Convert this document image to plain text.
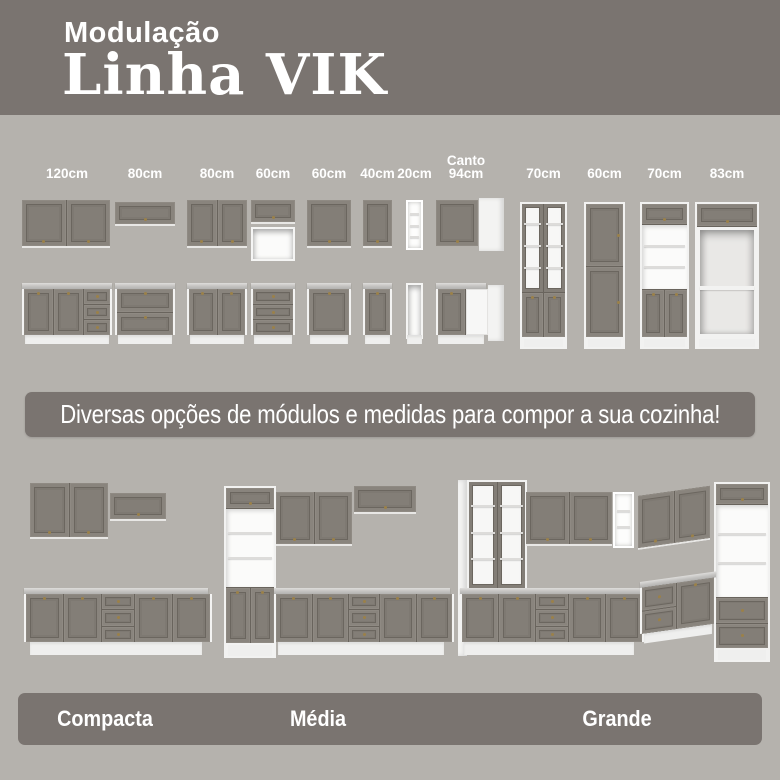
Modulação
Linha VIK
120cm	80cm	80cm	60cm	60cm	40cm 20cm
Canto 94cm	70cm	60cm	70cm	83cm
Diversas opções de módulos e medidas para compor a sua cozinha!
Compacta	Média	Grande
